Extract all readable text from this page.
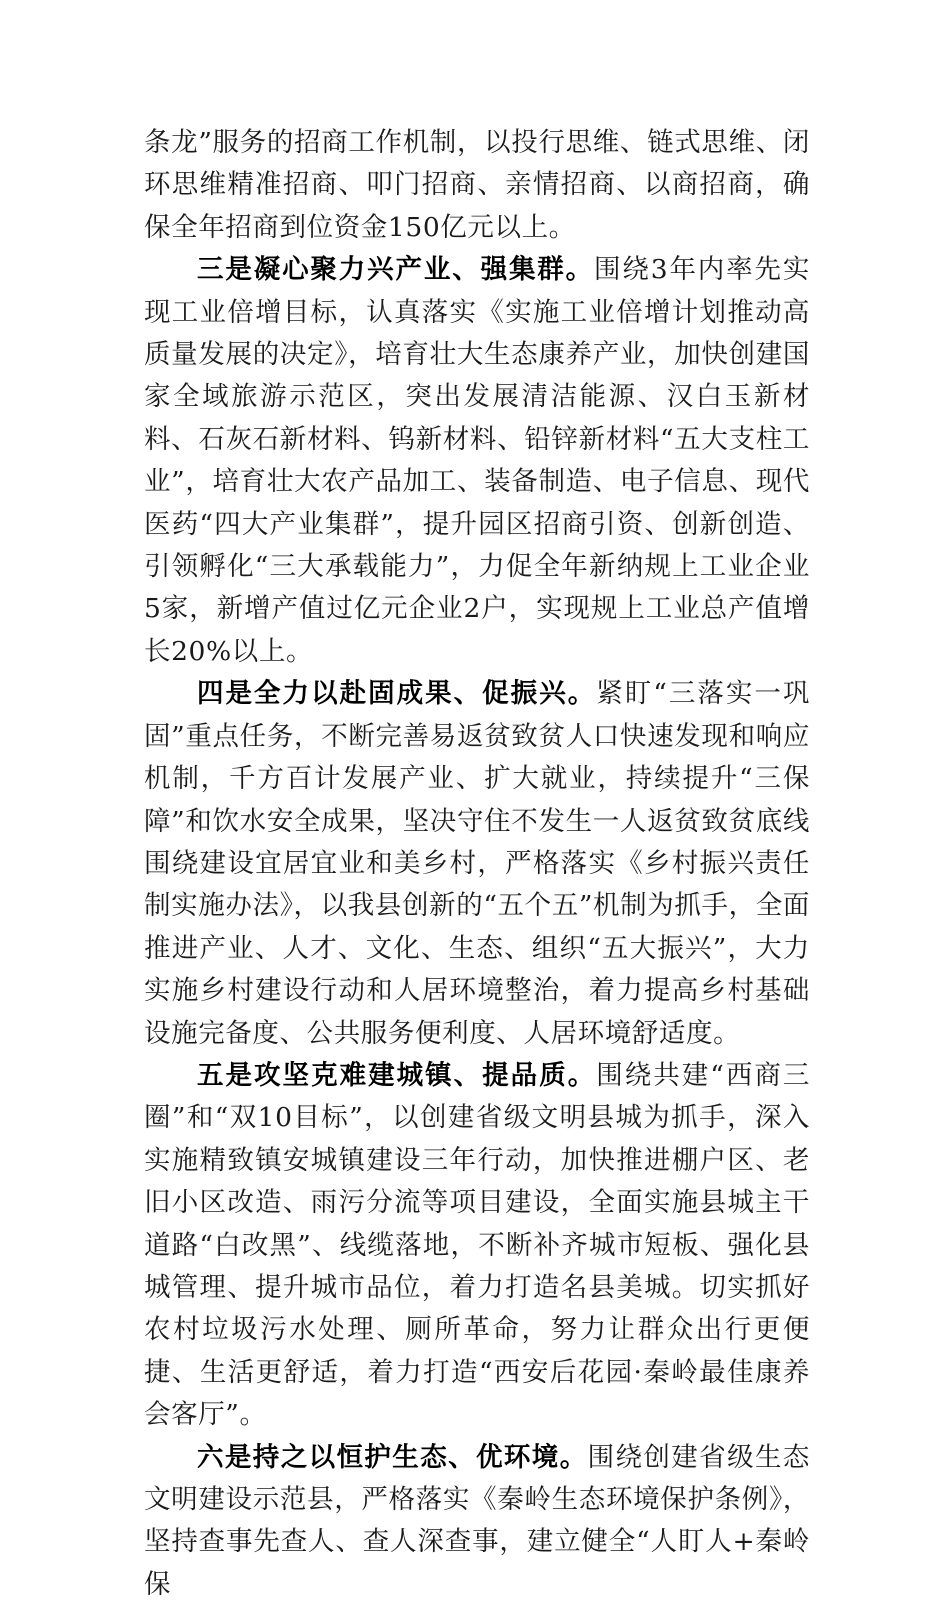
条龙”服务的招商工作机制，以投行思维、链式思维、闭环思维精准招商、叩门招商、亲情招商、以商招商，确保全年招商到位资金150亿元以上。

三是凝心聚力兴产业、强集群。围绕3年内率先实现工业倍增目标，认真落实《实施工业倍增计划推动高质量发展的决定》，培育壮大生态康养产业，加快创建国家全域旅游示范区，突出发展清洁能源、汉白玉新材料、石灰石新材料、钨新材料、铅锌新材料“五大支柱工业”，培育壮大农产品加工、装备制造、电子信息、现代医药“四大产业集群”，提升园区招商引资、创新创造、引领孵化“三大承载能力”，力促全年新纳规上工业企业5家，新增产值过亿元企业2户，实现规上工业总产值增长20%以上。

四是全力以赴固成果、促振兴。紧盯“三落实一巩固”重点任务，不断完善易返贫致贫人口快速发现和响应机制，千方百计发展产业、扩大就业，持续提升“三保障”和饮水安全成果，坚决守住不发生一人返贫致贫底线围绕建设宜居宜业和美乡村，严格落实《乡村振兴责任制实施办法》，以我县创新的“五个五”机制为抓手，全面推进产业、人才、文化、生态、组织“五大振兴”，大力实施乡村建设行动和人居环境整治，着力提高乡村基础设施完备度、公共服务便利度、人居环境舒适度。

五是攻坚克难建城镇、提品质。围绕共建“西商三圈”和“双10目标”，以创建省级文明县城为抓手，深入实施精致镇安城镇建设三年行动，加快推进棚户区、老旧小区改造、雨污分流等项目建设，全面实施县城主干道路“白改黑”、线缆落地，不断补齐城市短板、强化县城管理、提升城市品位，着力打造名县美城。切实抓好农村垃圾污水处理、厕所革命，努力让群众出行更便捷、生活更舒适，着力打造“西安后花园·秦岭最佳康养会客厅”。

六是持之以恒护生态、优环境。围绕创建省级生态文明建设示范县，严格落实《秦岭生态环境保护条例》，坚持查事先查人、查人深查事，建立健全“人盯人+秦岭保
